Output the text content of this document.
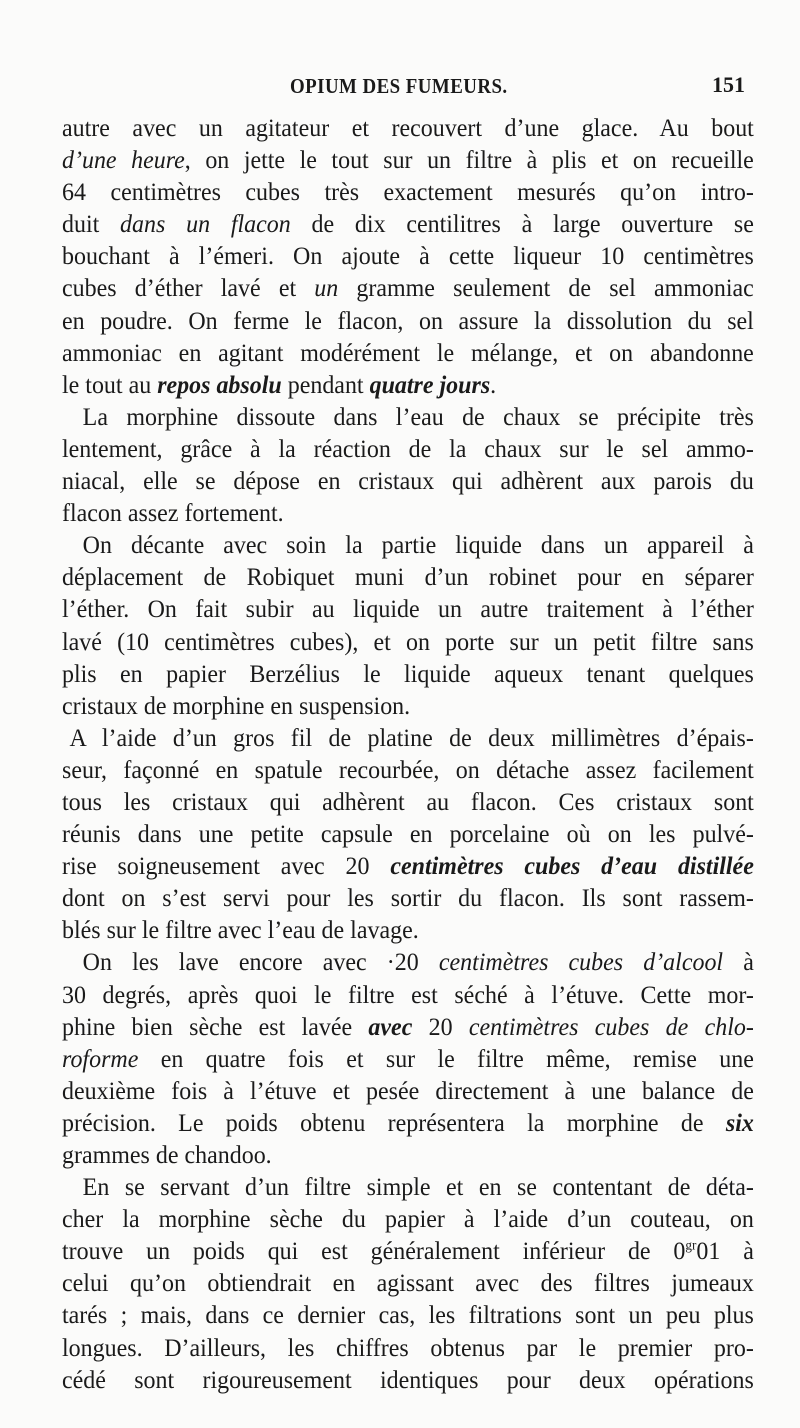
OPIUM DES FUMEURS.	151
autre avec un agitateur et recouvert d’une glace. Au bout
d’une heure, on jette le tout sur un filtre à plis et on recueille
64 centimètres cubes très exactement mesurés qu’on intro-
duit dans un flacon de dix centilitres à large ouverture se
bouchant à l’émeri. On ajoute à cette liqueur 10 centimètres
cubes d’éther lavé et un gramme seulement de sel ammoniac
en poudre. On ferme le flacon, on assure la dissolution du sel
ammoniac en agitant modérément le mélange, et on abandonne
le tout au repos absolu pendant quatre jours.
La morphine dissoute dans l’eau de chaux se précipite très
lentement, grâce à la réaction de la chaux sur le sel ammo-
niacal, elle se dépose en cristaux qui adhèrent aux parois du
flacon assez fortement.
On décante avec soin la partie liquide dans un appareil à
déplacement de Robiquet muni d’un robinet pour en séparer
l’éther. On fait subir au liquide un autre traitement à l’éther
lavé (10 centimètres cubes), et on porte sur un petit filtre sans
plis en papier Berzélius le liquide aqueux tenant quelques
cristaux de morphine en suspension.
A l’aide d’un gros fil de platine de deux millimètres d’épais-
seur, façonné en spatule recourbée, on détache assez facilement
tous les cristaux qui adhèrent au flacon. Ces cristaux sont
réunis dans une petite capsule en porcelaine où on les pulvé-
rise soigneusement avec 20 centimètres cubes d’eau distillée
dont on s’est servi pour les sortir du flacon. Ils sont rassem-
blés sur le filtre avec l’eau de lavage.
On les lave encore avec ·20 centimètres cubes d’alcool à
30 degrés, après quoi le filtre est séché à l’étuve. Cette mor-
phine bien sèche est lavée avec 20 centimètres cubes de chlo-
roforme en quatre fois et sur le filtre même, remise une
deuxième fois à l’étuve et pesée directement à une balance de
précision. Le poids obtenu représentera la morphine de six
grammes de chandoo.
En se servant d’un filtre simple et en se contentant de déta-
cher la morphine sèche du papier à l’aide d’un couteau, on
trouve un poids qui est généralement inférieur de $0^{gr}01$ à
celui qu’on obtiendrait en agissant avec des filtres jumeaux
tarés ; mais, dans ce dernier cas, les filtrations sont un peu plus
longues. D’ailleurs, les chiffres obtenus par le premier pro-
cédé sont rigoureusement identiques pour deux opérations
